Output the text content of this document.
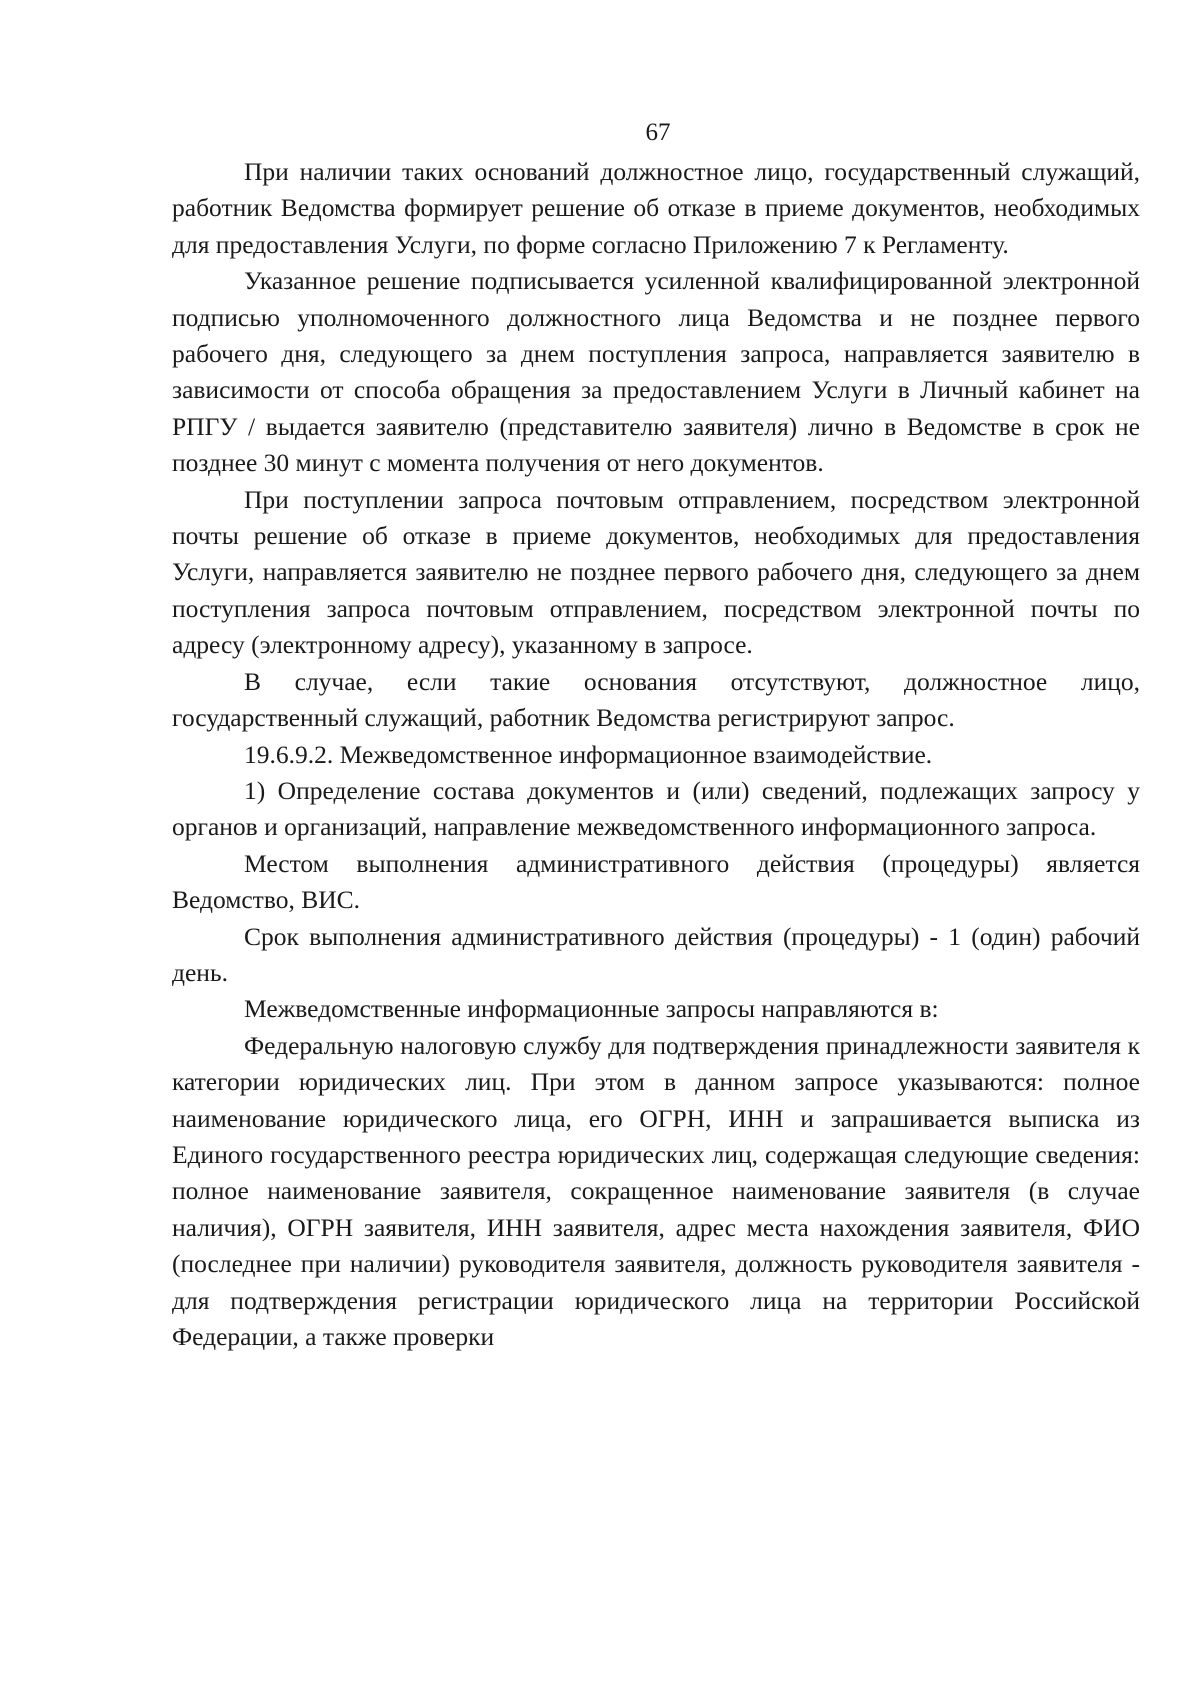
67

При наличии таких оснований должностное лицо, государственный служащий, работник Ведомства формирует решение об отказе в приеме документов, необходимых для предоставления Услуги, по форме согласно Приложению 7 к Регламенту.

Указанное решение подписывается усиленной квалифицированной электронной подписью уполномоченного должностного лица Ведомства и не позднее первого рабочего дня, следующего за днем поступления запроса, направляется заявителю в зависимости от способа обращения за предоставлением Услуги в Личный кабинет на РПГУ / выдается заявителю (представителю заявителя) лично в Ведомстве в срок не позднее 30 минут с момента получения от него документов.

При поступлении запроса почтовым отправлением, посредством электронной почты решение об отказе в приеме документов, необходимых для предоставления Услуги, направляется заявителю не позднее первого рабочего дня, следующего за днем поступления запроса почтовым отправлением, посредством электронной почты по адресу (электронному адресу), указанному в запросе.

В случае, если такие основания отсутствуют, должностное лицо, государственный служащий, работник Ведомства регистрируют запрос.

19.6.9.2. Межведомственное информационное взаимодействие.

1) Определение состава документов и (или) сведений, подлежащих запросу у органов и организаций, направление межведомственного информационного запроса.

Местом выполнения административного действия (процедуры) является Ведомство, ВИС.

Срок выполнения административного действия (процедуры) - 1 (один) рабочий день.

Межведомственные информационные запросы направляются в:

Федеральную налоговую службу для подтверждения принадлежности заявителя к категории юридических лиц. При этом в данном запросе указываются: полное наименование юридического лица, его ОГРН, ИНН и запрашивается выписка из Единого государственного реестра юридических лиц, содержащая следующие сведения: полное наименование заявителя, сокращенное наименование заявителя (в случае наличия), ОГРН заявителя, ИНН заявителя, адрес места нахождения заявителя, ФИО (последнее при наличии) руководителя заявителя, должность руководителя заявителя - для подтверждения регистрации юридического лица на территории Российской Федерации, а также проверки
